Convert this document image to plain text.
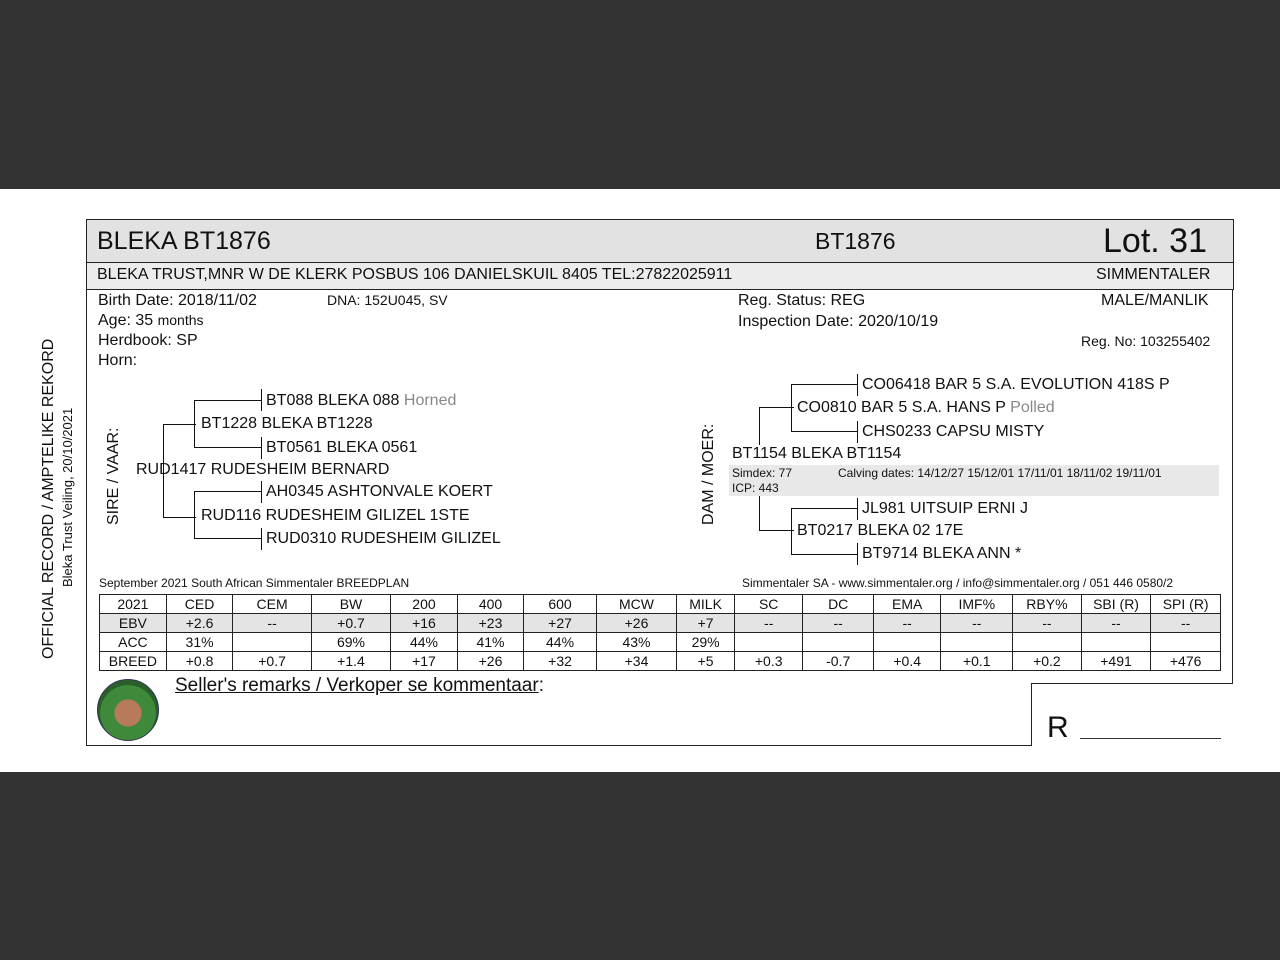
BLEKA BT1876	BT1876	Lot. 31
BLEKA TRUST,MNR W DE KLERK POSBUS 106 DANIELSKUIL 8405 TEL:27822025911	SIMMENTALER
Birth Date: 2018/11/02	DNA: 152U045, SV
Age: 35 months
Herdbook: SP
Horn:
Reg. Status: REG
Inspection Date: 2020/10/19
MALE/MANLIK
Reg. No: 103255402
OFFICIAL RECORD / AMPTELIKE REKORD Bleka Trust Veiling, 20/10/2021 SIRE / VAAR:	DAM / MOER:
BT088 BLEKA 088 Horned
BT1228 BLEKA BT1228
BT0561 BLEKA 0561
RUD1417 RUDESHEIM BERNARD
AH0345 ASHTONVALE KOERT
RUD116 RUDESHEIM GILIZEL 1STE
RUD0310 RUDESHEIM GILIZEL
CO06418 BAR 5 S.A. EVOLUTION 418S P
CO0810 BAR 5 S.A. HANS P Polled
CHS0233 CAPSU MISTY
BT1154 BLEKA BT1154
Simdex: 77	Calving dates: 14/12/27 15/12/01 17/11/01 18/11/02 19/11/01
ICP: 443
JL981 UITSUIP ERNI J
BT0217 BLEKA 02 17E
BT9714 BLEKA ANN *
September 2021 South African Simmentaler BREEDPLAN	Simmentaler SA - www.simmentaler.org / info@simmentaler.org / 051 446 0580/2
2021	CED	CEM	BW	200	400	600	MCW	MILK	SC	DC	EMA	IMF%	RBY%	SBI (R)	SPI (R)
EBV	+2.6	--	+0.7	+16	+23	+27	+26	+7	--	--	--	--	--	--	--
ACC	31%		69%	44%	41%	44%	43%	29%							
BREED	+0.8	+0.7	+1.4	+17	+26	+32	+34	+5	+0.3	-0.7	+0.4	+0.1	+0.2	+491	+476
Seller's remarks / Verkoper se kommentaar:
R
